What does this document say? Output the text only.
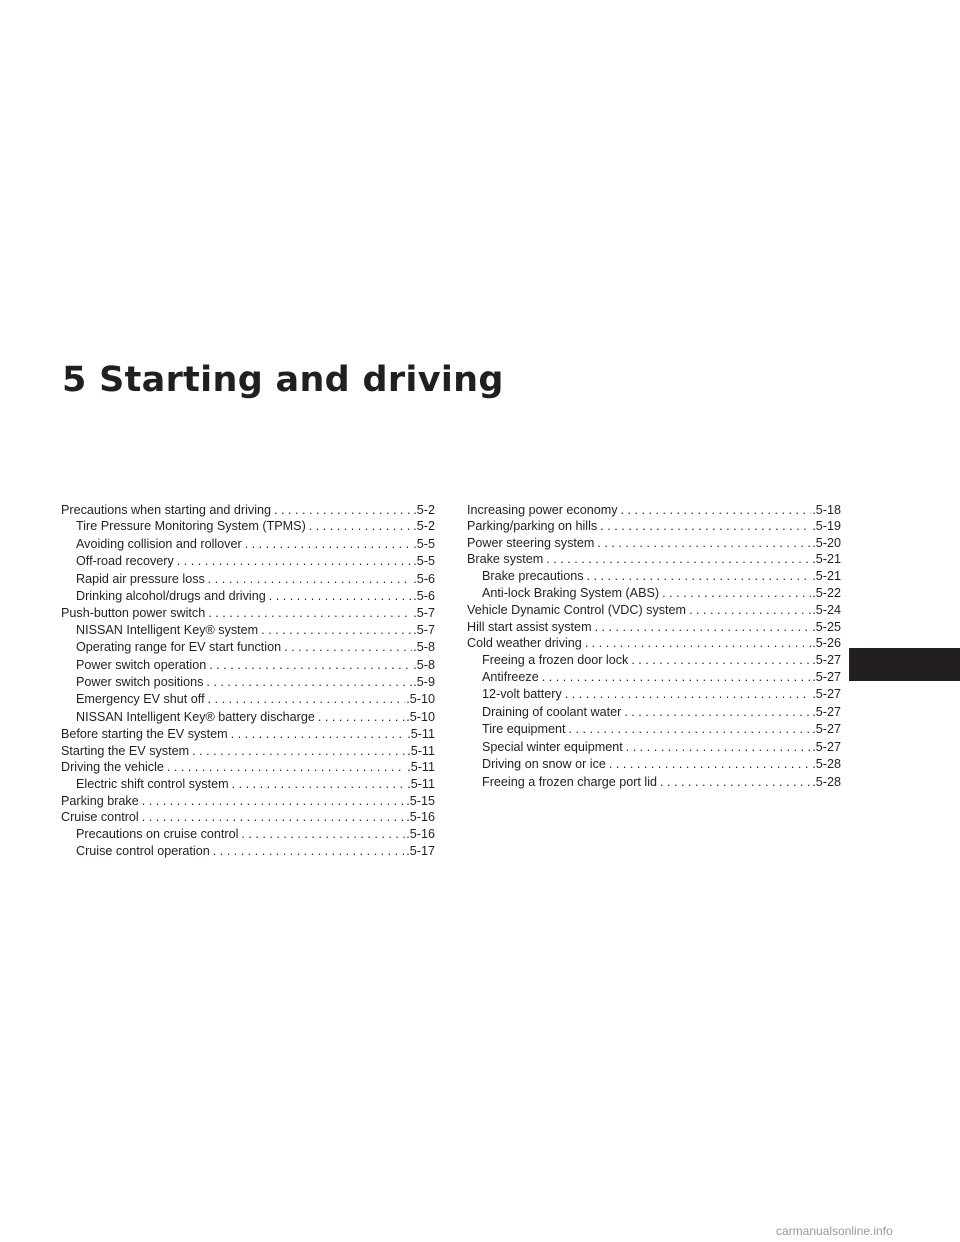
5 Starting and driving
Precautions when starting and driving . . .	.5-2
Tire Pressure Monitoring System (TPMS) . . .	.5-2
Avoiding collision and rollover . . .	.5-5
Off-road recovery . . .	.5-5
Rapid air pressure loss . . .	.5-6
Drinking alcohol/drugs and driving . . .	.5-6
Push-button power switch . . .	.5-7
NISSAN Intelligent Key® system . . .	.5-7
Operating range for EV start function . . .	.5-8
Power switch operation . . .	.5-8
Power switch positions . . .	.5-9
Emergency EV shut off . . .	.5-10
NISSAN Intelligent Key® battery discharge . . .	.5-10
Before starting the EV system . . .	.5-11
Starting the EV system . . .	.5-11
Driving the vehicle . . .	.5-11
Electric shift control system . . .	.5-11
Parking brake . . .	.5-15
Cruise control . . .	.5-16
Precautions on cruise control . . .	.5-16
Cruise control operation . . .	.5-17
Increasing power economy . . .	.5-18
Parking/parking on hills . . .	.5-19
Power steering system . . .	.5-20
Brake system . . .	.5-21
Brake precautions . . .	.5-21
Anti-lock Braking System (ABS) . . .	.5-22
Vehicle Dynamic Control (VDC) system . . .	.5-24
Hill start assist system . . .	.5-25
Cold weather driving . . .	.5-26
Freeing a frozen door lock . . .	.5-27
Antifreeze . . .	.5-27
12-volt battery . . .	.5-27
Draining of coolant water . . .	.5-27
Tire equipment . . .	.5-27
Special winter equipment . . .	.5-27
Driving on snow or ice . . .	.5-28
Freeing a frozen charge port lid . . .	.5-28
carmanualsonline.info
